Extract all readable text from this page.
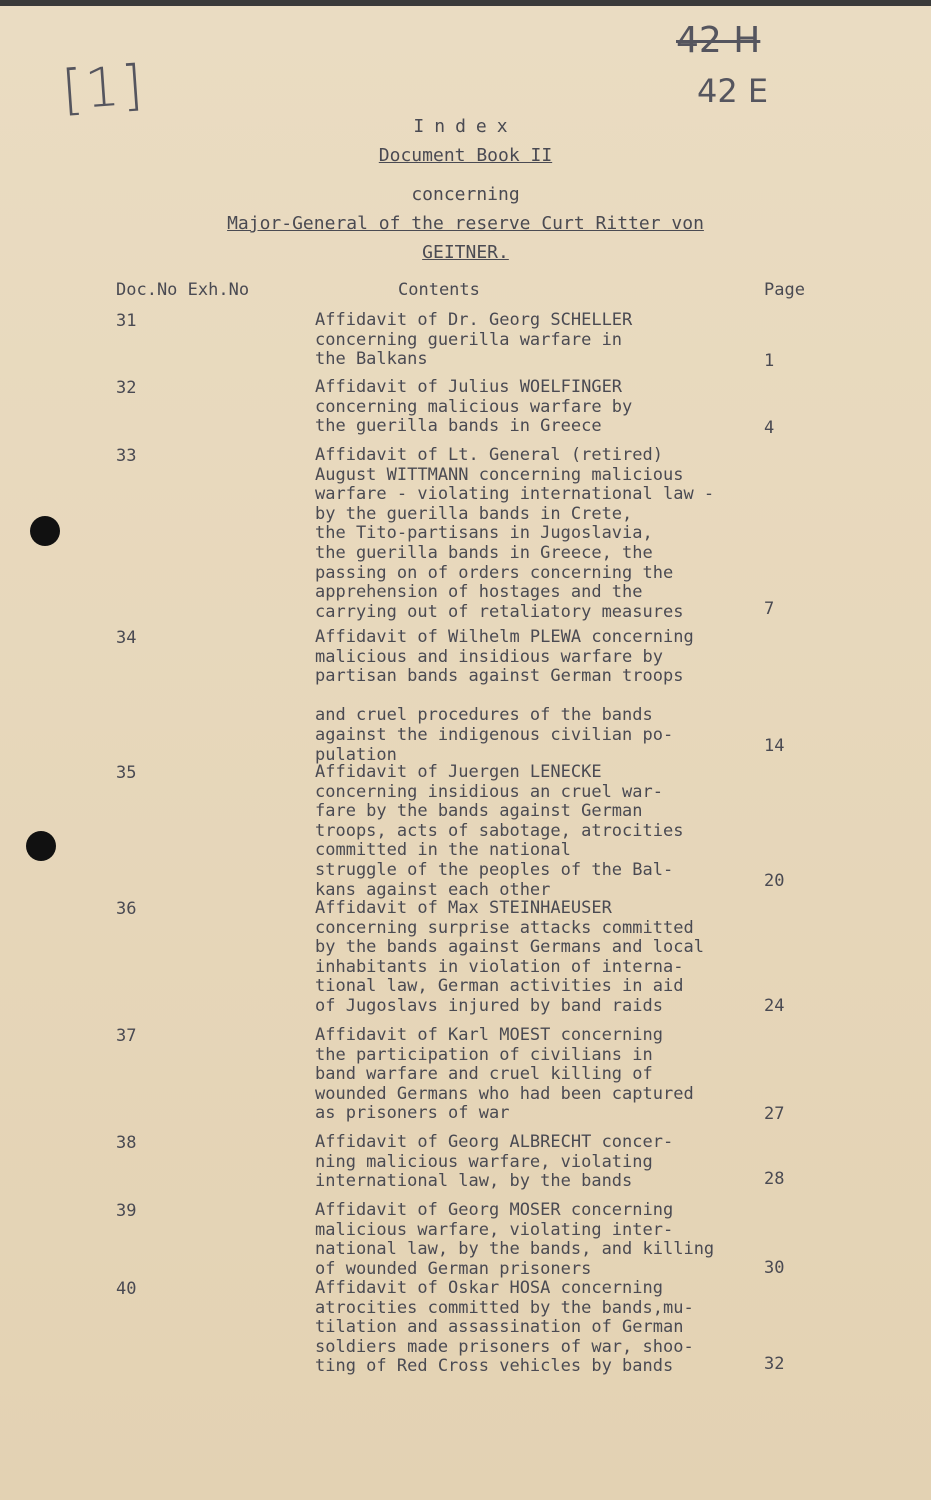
[1]
42 H
42 E
Index
Document Book II
concerning
Major-General of the reserve Curt Ritter von
GEITNER.
Doc.No Exh.No	Contents	Page
31	Affidavit of Dr. Georg SCHELLER
concerning guerilla warfare in
the Balkans	1
32	Affidavit of Julius WOELFINGER
concerning malicious warfare by
the guerilla bands in Greece	4
33	Affidavit of Lt. General (retired)
August WITTMANN concerning malicious
warfare - violating international law -
by the guerilla bands in Crete,
the Tito-partisans in Jugoslavia,
the guerilla bands in Greece, the
passing on of orders concerning the
apprehension of hostages and the
carrying out of retaliatory measures	7
34	Affidavit of Wilhelm PLEWA concerning
malicious and insidious warfare by
partisan bands against German troops

and cruel procedures of the bands
against the indigenous civilian po-
pulation	14
35	Affidavit of Juergen LENECKE
concerning insidious an cruel war-
fare by the bands against German
troops, acts of sabotage, atrocities
committed in the national
struggle of the peoples of the Bal-
kans against each other	20
36	Affidavit of Max STEINHAEUSER
concerning surprise attacks committed
by the bands against Germans and local
inhabitants in violation of interna-
tional law, German activities in aid
of Jugoslavs injured by band raids	24
37	Affidavit of Karl MOEST concerning
the participation of civilians in
band warfare and cruel killing of
wounded Germans who had been captured
as prisoners of war	27
38	Affidavit of Georg ALBRECHT concer-
ning malicious warfare, violating
international law, by the bands	28
39	Affidavit of Georg MOSER concerning
malicious warfare, violating inter-
national law, by the bands, and killing
of wounded German prisoners	30
40	Affidavit of Oskar HOSA concerning
atrocities committed by the bands,mu-
tilation and assassination of German
soldiers made prisoners of war, shoo-
ting of Red Cross vehicles by bands	32
